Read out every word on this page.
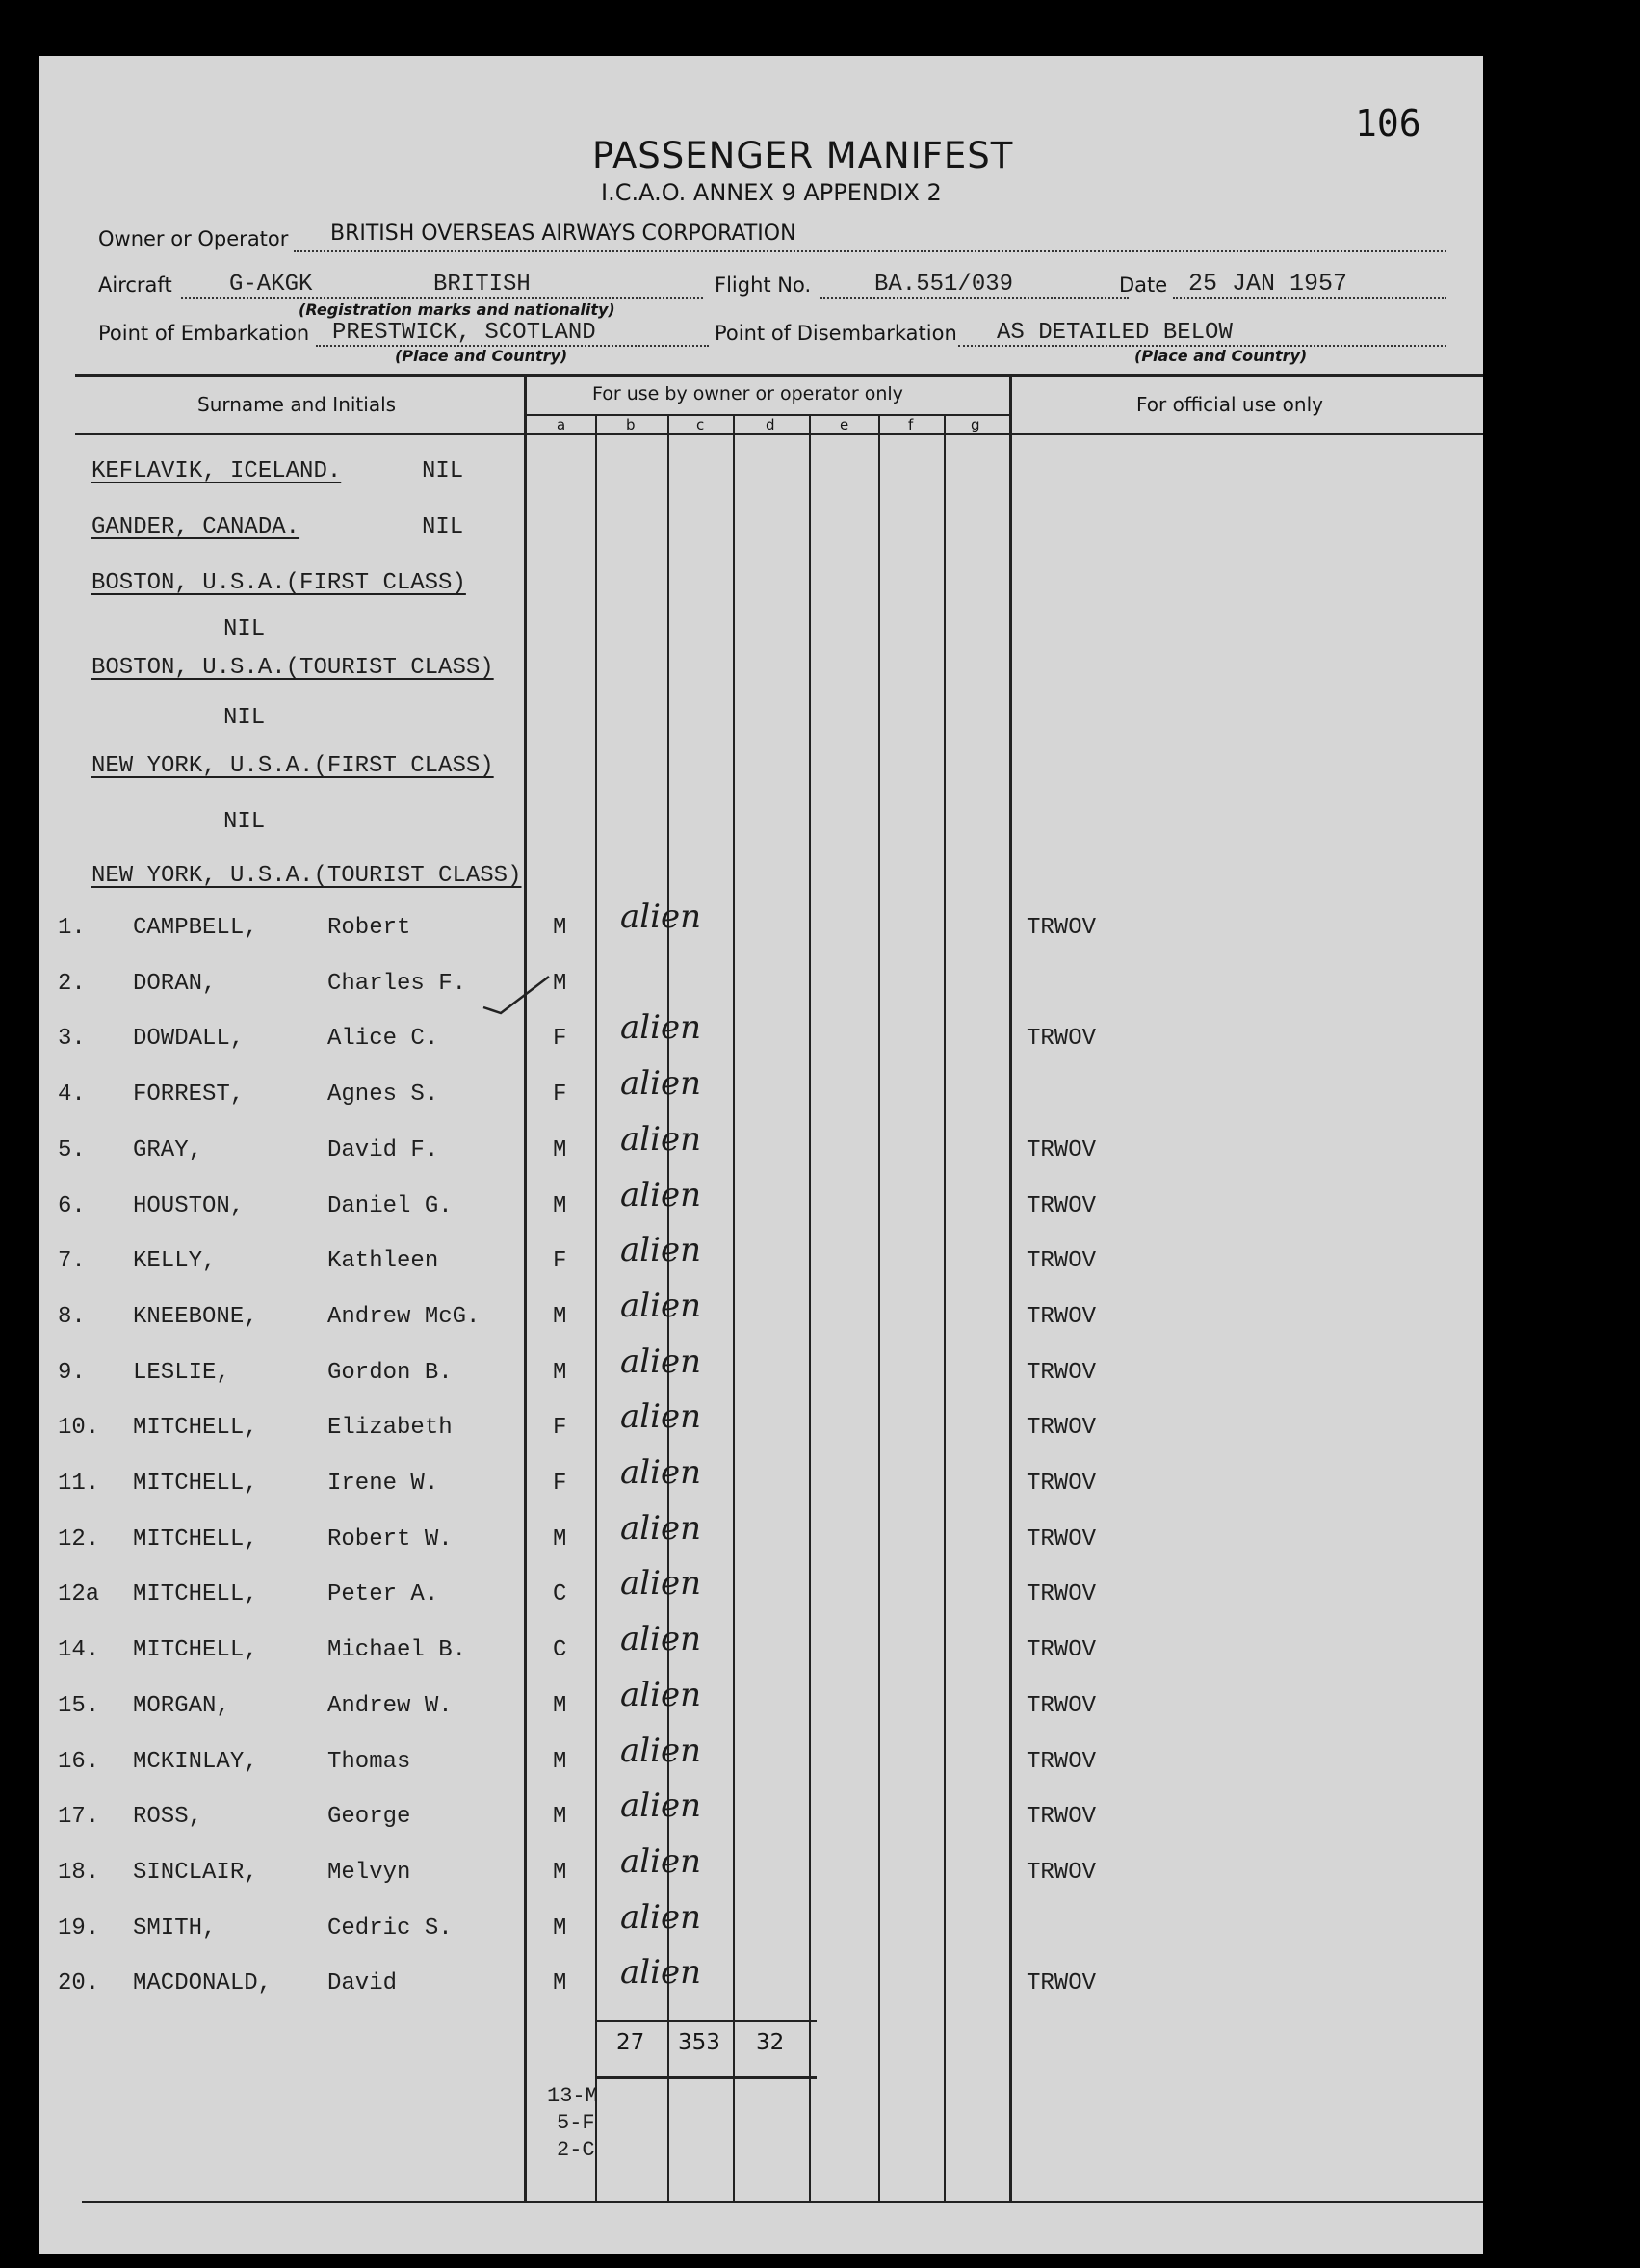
106
PASSENGER MANIFEST
I.C.A.O. ANNEX 9 APPENDIX 2
Owner or Operator BRITISH OVERSEAS AIRWAYS CORPORATION
Aircraft G-AKGK	BRITISH
(Registration marks and nationality)
Flight No.	BA.551/039	Date 25 JAN 1957
Point of Embarkation PRESTWICK, SCOTLAND
(Place and Country)
Point of Disembarkation AS DETAILED BELOW
(Place and Country)
Surname and Initials	For use by owner or operator only	For official use only
a	b	c	d	e	f	g
KEFLAVIK, ICELAND.	NIL
GANDER, CANADA.	NIL
BOSTON, U.S.A.(FIRST CLASS)
NIL
BOSTON, U.S.A.(TOURIST CLASS)
NIL
NEW YORK, U.S.A.(FIRST CLASS)
NIL
NEW YORK, U.S.A.(TOURIST CLASS)
1. CAMPBELL,	Robert	M alien	TRWOV
2. DORAN,	Charles F.	M
3. DOWDALL,	Alice C.	F alien	TRWOV
4. FORREST,	Agnes S.	F alien
5. GRAY,	David F.	M alien	TRWOV
6. HOUSTON,	Daniel G.	M alien	TRWOV
7. KELLY,	Kathleen	F alien	TRWOV
8. KNEEBONE,	Andrew McG.	M alien	TRWOV
9. LESLIE,	Gordon B.	M alien	TRWOV
10. MITCHELL,	Elizabeth	F alien	TRWOV
11. MITCHELL,	Irene W.	F alien	TRWOV
12. MITCHELL,	Robert W.	M alien	TRWOV
12a MITCHELL,	Peter A.	C alien	TRWOV
14. MITCHELL,	Michael B.	C alien	TRWOV
15. MORGAN,	Andrew W.	M alien	TRWOV
16. MCKINLAY,	Thomas	M alien	TRWOV
17. ROSS,	George	M alien	TRWOV
18. SINCLAIR,	Melvyn	M alien	TRWOV
19. SMITH,	Cedric S.	M alien
20. MACDONALD, David	M alien	TRWOV
27 353 32
13-M
5-F
2-C
